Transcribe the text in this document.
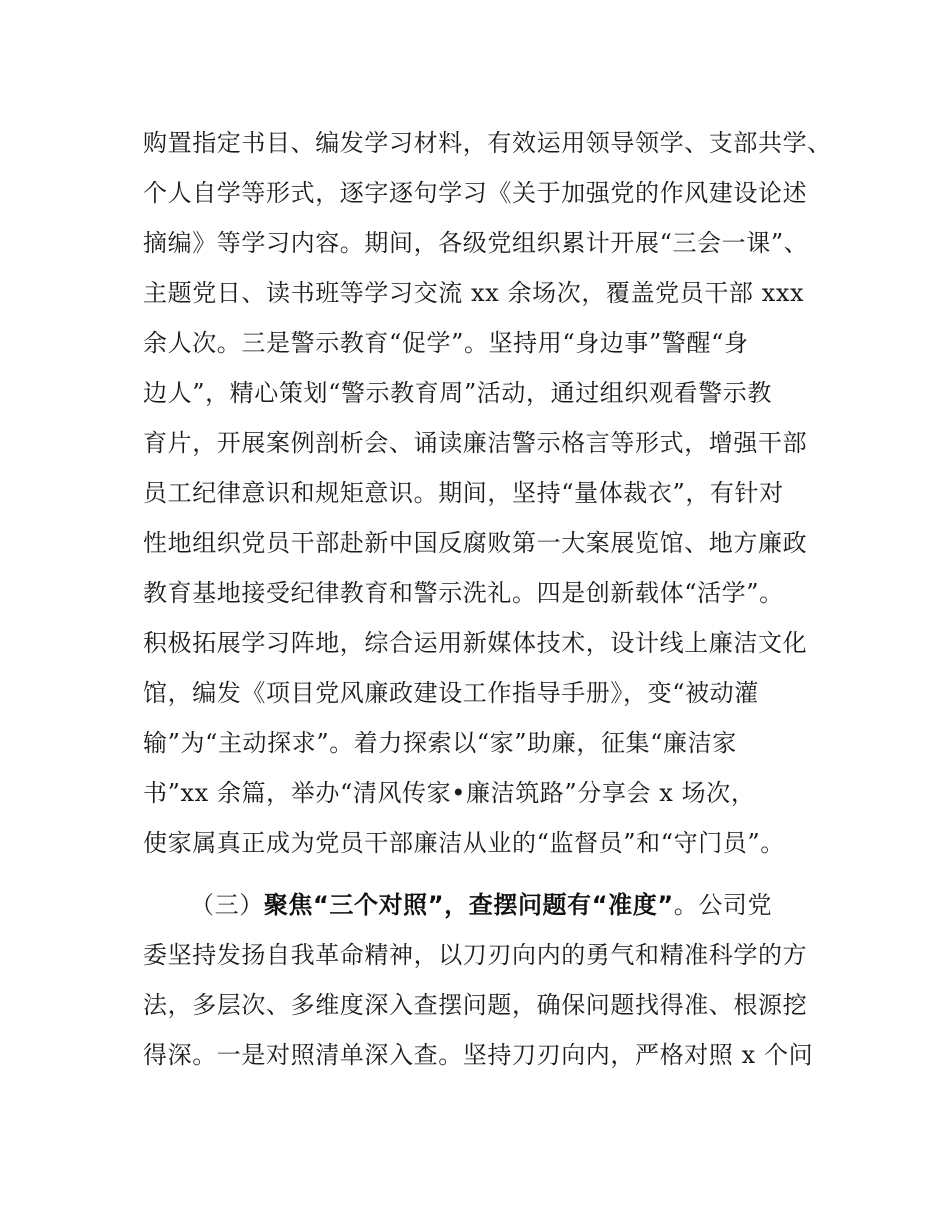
购置指定书目、编发学习材料，有效运用领导领学、支部共学、
个人自学等形式，逐字逐句学习《关于加强党的作风建设论述
摘编》等学习内容。期间，各级党组织累计开展“三会一课”、
主题党日、读书班等学习交流 xx 余场次，覆盖党员干部 xxx
余人次。三是警示教育“促学”。坚持用“身边事”警醒“身
边人”，精心策划“警示教育周”活动，通过组织观看警示教
育片，开展案例剖析会、诵读廉洁警示格言等形式，增强干部
员工纪律意识和规矩意识。期间，坚持“量体裁衣”，有针对
性地组织党员干部赴新中国反腐败第一大案展览馆、地方廉政
教育基地接受纪律教育和警示洗礼。四是创新载体“活学”。
积极拓展学习阵地，综合运用新媒体技术，设计线上廉洁文化
馆，编发《项目党风廉政建设工作指导手册》，变“被动灌
输”为“主动探求”。着力探索以“家”助廉，征集“廉洁家
书”xx 余篇，举办“清风传家•廉洁筑路”分享会 x 场次，
使家属真正成为党员干部廉洁从业的“监督员”和“守门员”。
（三）聚焦“三个对照”，查摆问题有“准度”。公司党
委坚持发扬自我革命精神，以刀刃向内的勇气和精准科学的方
法，多层次、多维度深入查摆问题，确保问题找得准、根源挖
得深。一是对照清单深入查。坚持刀刃向内，严格对照 x 个问
